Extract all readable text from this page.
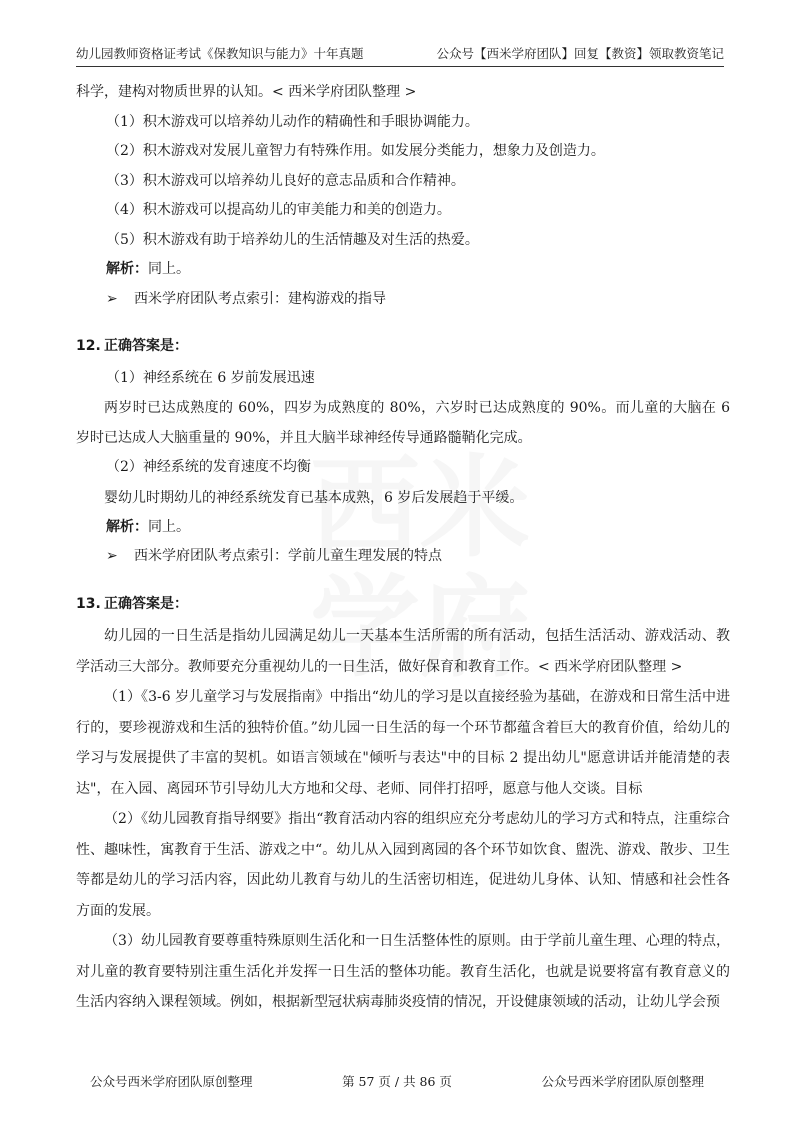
幼儿园教师资格证考试《保教知识与能力》十年真题	公众号【西米学府团队】回复【教资】领取教资笔记

科学，建构对物质世界的认知。< 西米学府团队整理 >

（1）积木游戏可以培养幼儿动作的精确性和手眼协调能力。

（2）积木游戏对发展儿童智力有特殊作用。如发展分类能力，想象力及创造力。

（3）积木游戏可以培养幼儿良好的意志品质和合作精神。

（4）积木游戏可以提高幼儿的审美能力和美的创造力。

（5）积木游戏有助于培养幼儿的生活情趣及对生活的热爱。

解析：同上。

➢	西米学府团队考点索引：建构游戏的指导

12. 正确答案是：

（1）神经系统在 6 岁前发展迅速

两岁时已达成熟度的 60%，四岁为成熟度的 80%，六岁时已达成熟度的 90%。而儿童的大脑在 6 岁时已达成人大脑重量的 90%，并且大脑半球神经传导通路髓鞘化完成。

（2）神经系统的发育速度不均衡

婴幼儿时期幼儿的神经系统发育已基本成熟，6 岁后发展趋于平缓。

解析：同上。

➢	西米学府团队考点索引：学前儿童生理发展的特点

13. 正确答案是：

幼儿园的一日生活是指幼儿园满足幼儿一天基本生活所需的所有活动，包括生活活动、游戏活动、教学活动三大部分。教师要充分重视幼儿的一日生活，做好保育和教育工作。< 西米学府团队整理 >

（1）《3-6 岁儿童学习与发展指南》中指出“幼儿的学习是以直接经验为基础，在游戏和日常生活中进行的，要珍视游戏和生活的独特价值。”幼儿园一日生活的每一个环节都蕴含着巨大的教育价值，给幼儿的学习与发展提供了丰富的契机。如语言领域在"倾听与表达"中的目标 2 提出幼儿"愿意讲话并能清楚的表达"，在入园、离园环节引导幼儿大方地和父母、老师、同伴打招呼，愿意与他人交谈。目标

（2）《幼儿园教育指导纲要》指出“教育活动内容的组织应充分考虑幼儿的学习方式和特点，注重综合性、趣味性，寓教育于生活、游戏之中“。幼儿从入园到离园的各个环节如饮食、盥洗、游戏、散步、卫生等都是幼儿的学习活内容，因此幼儿教育与幼儿的生活密切相连，促进幼儿身体、认知、情感和社会性各方面的发展。

（3）幼儿园教育要尊重特殊原则生活化和一日生活整体性的原则。由于学前儿童生理、心理的特点，对儿童的教育要特别注重生活化并发挥一日生活的整体功能。教育生活化，也就是说要将富有教育意义的生活内容纳入课程领域。例如，根据新型冠状病毒肺炎疫情的情况，开设健康领域的活动，让幼儿学会预

公众号西米学府团队原创整理	第 57 页 / 共 86 页	公众号西米学府团队原创整理
